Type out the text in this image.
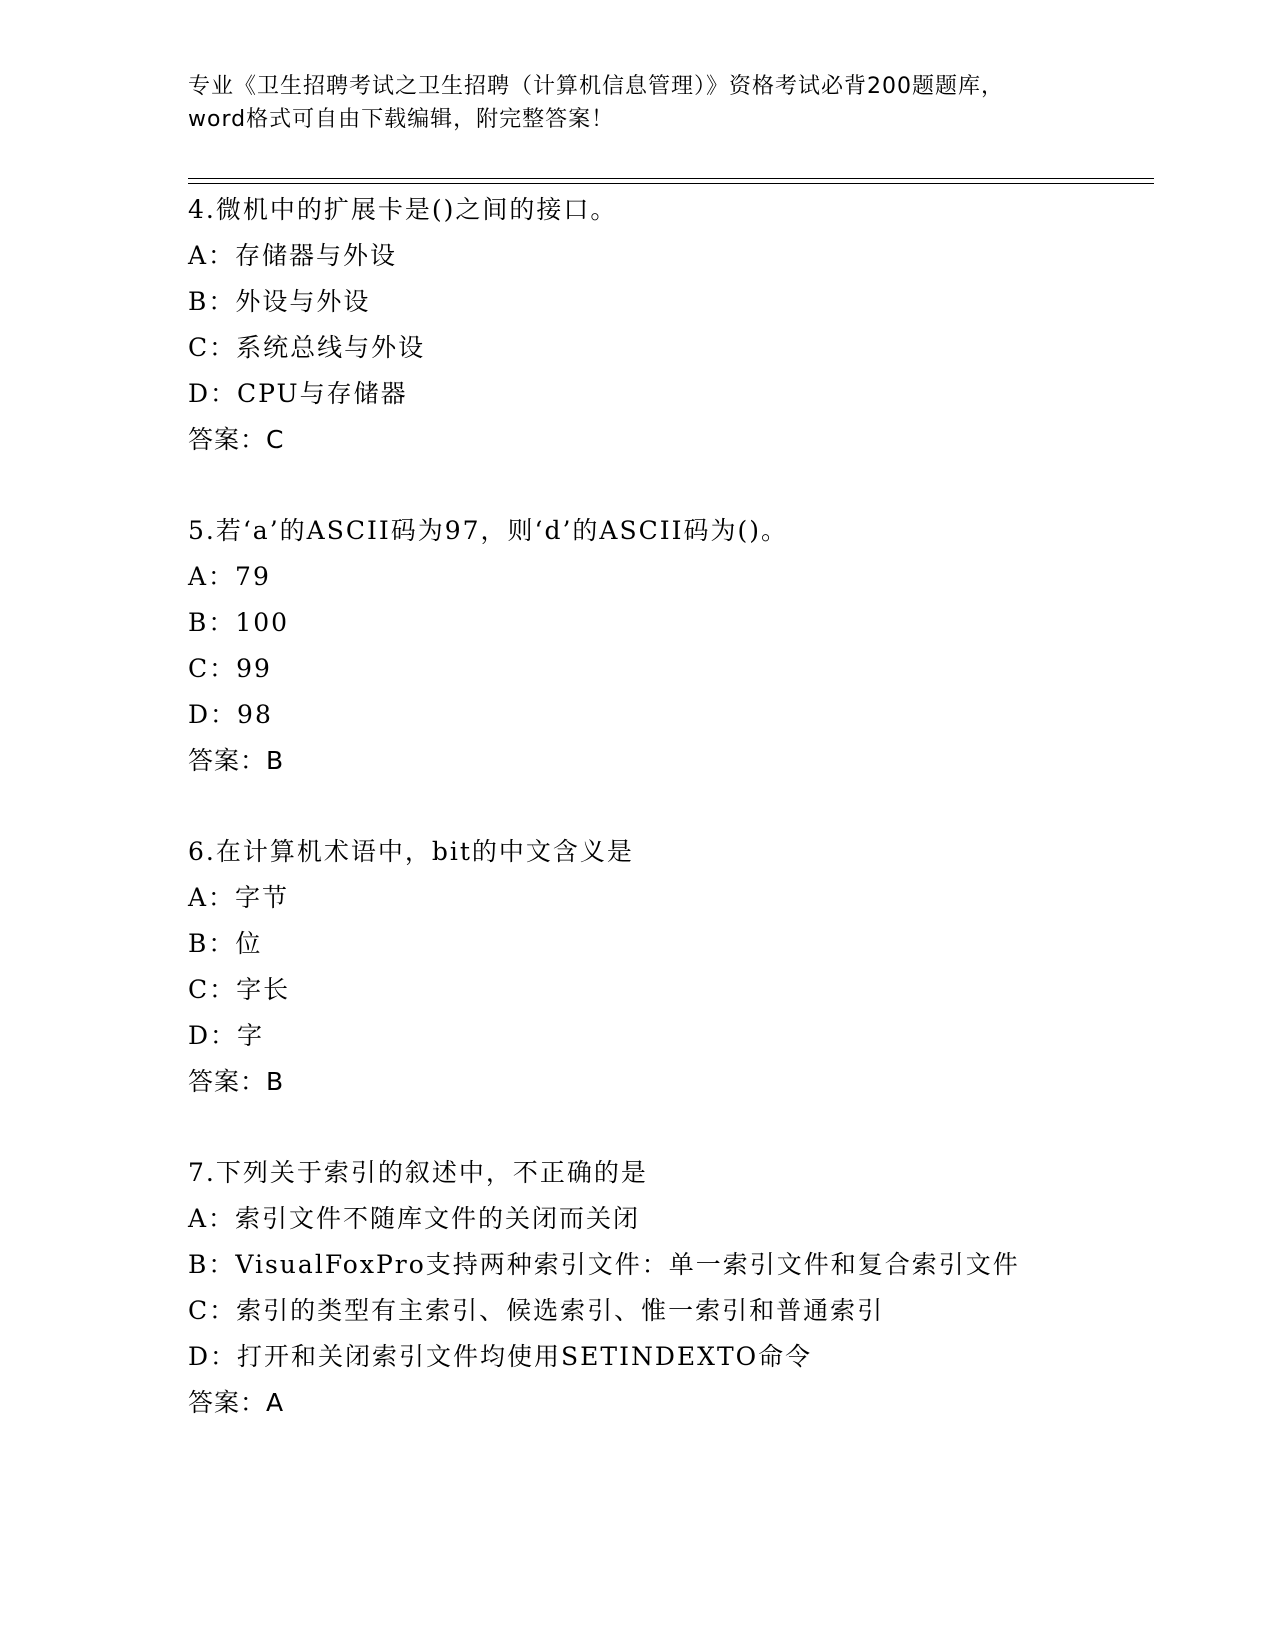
专业《卫生招聘考试之卫生招聘（计算机信息管理）》资格考试必背200题题库，
word格式可自由下载编辑，附完整答案！
4.微机中的扩展卡是()之间的接口。
A：存储器与外设
B：外设与外设
C：系统总线与外设
D：CPU与存储器
答案：C
5.若‘a’的ASCII码为97，则‘d’的ASCII码为()。
A：79
B：100
C：99
D：98
答案：B
6.在计算机术语中，bit的中文含义是
A：字节
B：位
C：字长
D：字
答案：B
7.下列关于索引的叙述中，不正确的是
A：索引文件不随库文件的关闭而关闭
B：VisualFoxPro支持两种索引文件：单一索引文件和复合索引文件
C：索引的类型有主索引、候选索引、惟一索引和普通索引
D：打开和关闭索引文件均使用SETINDEXTO命令
答案：A
